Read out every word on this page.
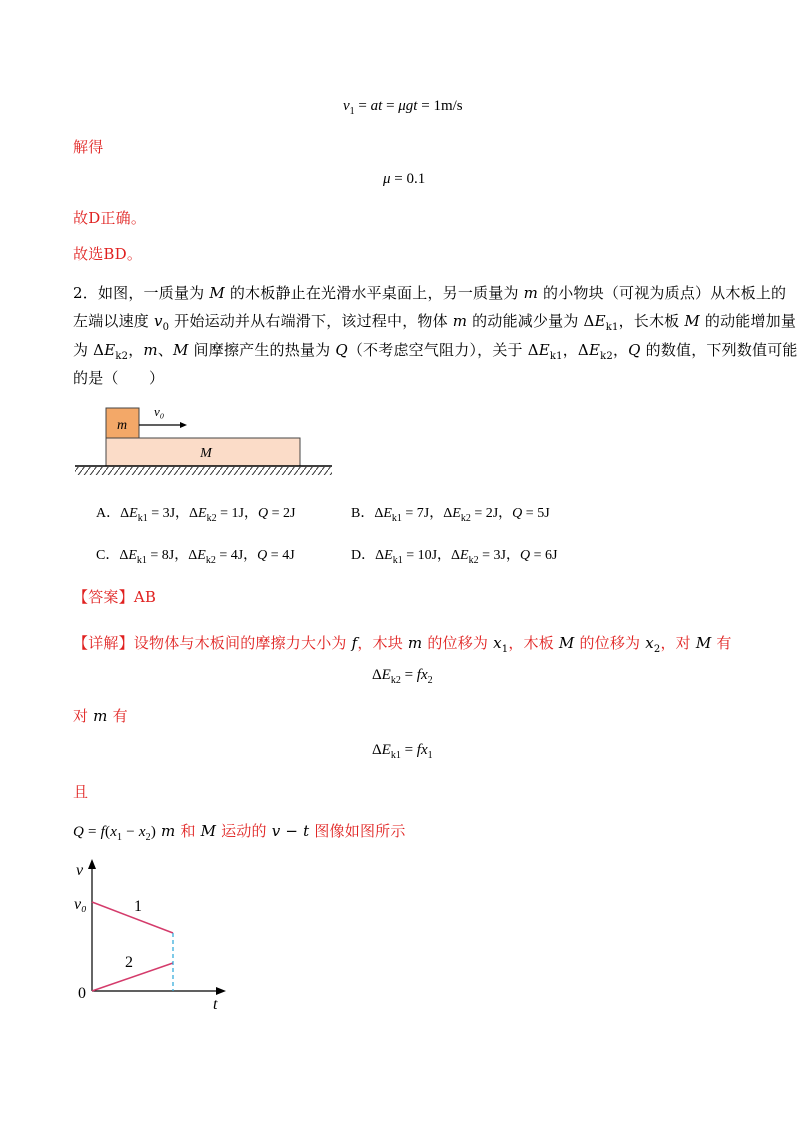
$v_1$ = at = μgt = 1m/s
解得
μ = 0.1
故D正确。
故选BD。
2．如图，一质量为 M 的木板静止在光滑水平桌面上，另一质量为 m 的小物块（可视为质点）从木板上的
左端以速度 $v_0$ 开始运动并从右端滑下，该过程中，物体 m 的动能减少量为 $\Delta E_{k1}$，长木板 M 的动能增加量
为 $\Delta E_{k2}$，m、M 间摩擦产生的热量为 Q（不考虑空气阻力），关于 $\Delta E_{k1}$，$\Delta E_{k2}$，Q 的数值，下列数值可能
的是（　　）
m
M
v₀
A．$\Delta E_{k1} = 3J$，$\Delta E_{k2} = 1J$，Q = 2J	B．$\Delta E_{k1} = 7J$，$\Delta E_{k2} = 2J$，Q = 5J
C．$\Delta E_{k1} = 8J$，$\Delta E_{k2} = 4J$，Q = 4J	D．$\Delta E_{k1} = 10J$，$\Delta E_{k2} = 3J$，Q = 6J
【答案】AB
【详解】设物体与木板间的摩擦力大小为 f，木块 m 的位移为 $x_1$，木板 M 的位移为 $x_2$，对 M 有
$\Delta E_{k2} = fx_2$
对 m 有
$\Delta E_{k1} = fx_1$
且
$Q = f(x_1 - x_2)$ m 和 M 运动的 v − t 图像如图所示
v
t
v₀
0
1
2
